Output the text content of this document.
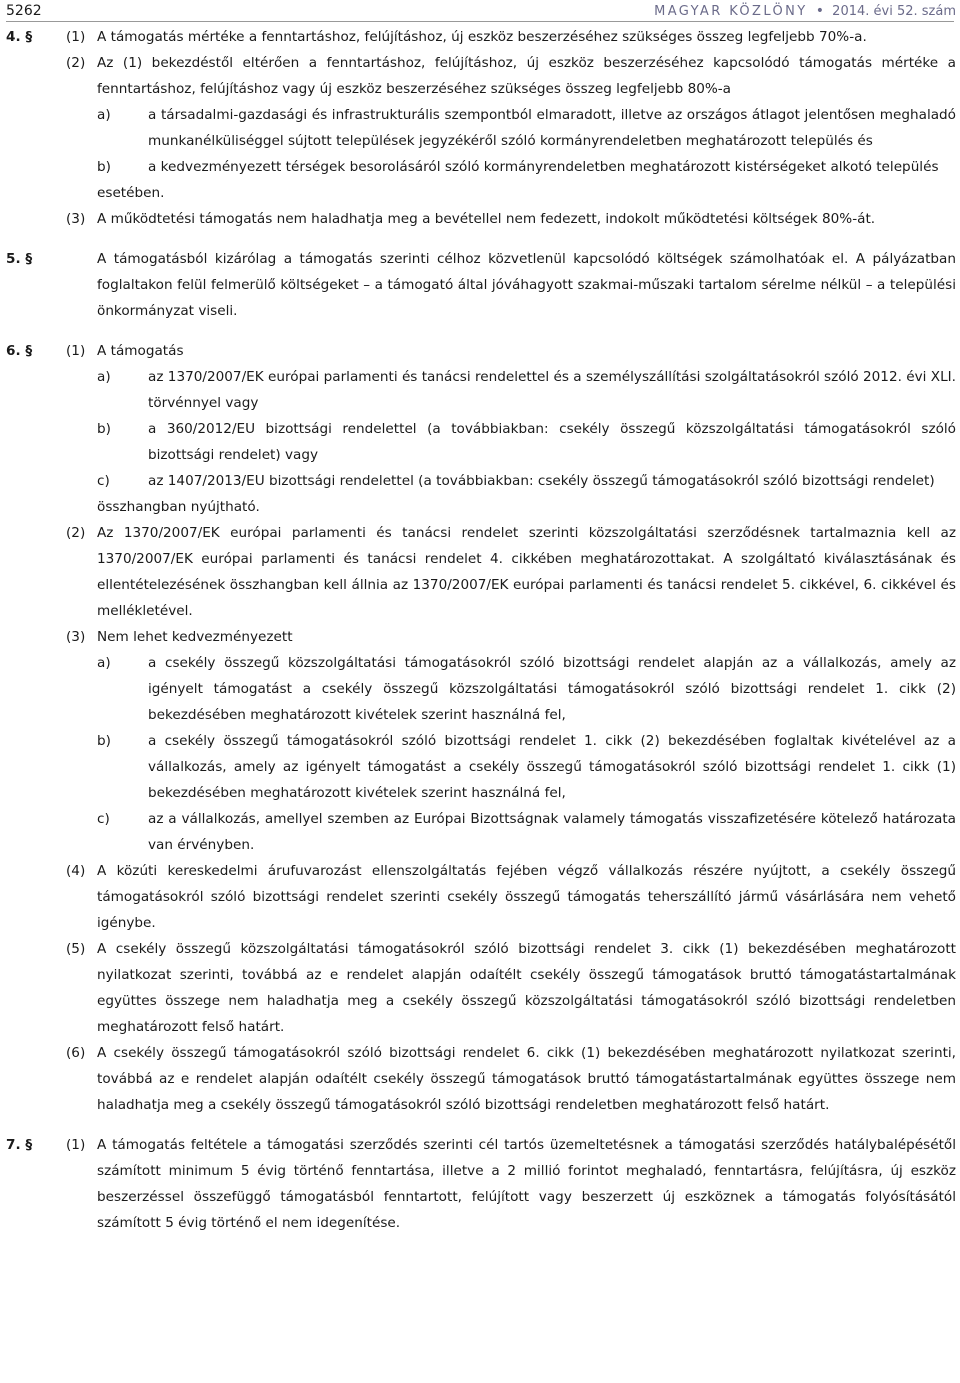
5262	MAGYAR KÖZLÖNY • 2014. évi 52. szám
4. § (1) A támogatás mértéke a fenntartáshoz, felújításhoz, új eszköz beszerzéséhez szükséges összeg legfeljebb 70%-a.
(2) Az (1) bekezdéstől eltérően a fenntartáshoz, felújításhoz, új eszköz beszerzéséhez kapcsolódó támogatás mértéke a fenntartáshoz, felújításhoz vagy új eszköz beszerzéséhez szükséges összeg legfeljebb 80%-a
a)	a társadalmi-gazdasági és infrastrukturális szempontból elmaradott, illetve az országos átlagot jelentősen meghaladó munkanélküliséggel sújtott települések jegyzékéről szóló kormányrendeletben meghatározott település és
b)	a kedvezményezett térségek besorolásáról szóló kormányrendeletben meghatározott kistérségeket alkotó település
esetében.
(3) A működtetési támogatás nem haladhatja meg a bevétellel nem fedezett, indokolt működtetési költségek 80%-át.
5. §	A támogatásból kizárólag a támogatás szerinti célhoz közvetlenül kapcsolódó költségek számolhatóak el. A pályázatban foglaltakon felül felmerülő költségeket – a támogató által jóváhagyott szakmai-műszaki tartalom sérelme nélkül – a települési önkormányzat viseli.
6. § (1) A támogatás
a)	az 1370/2007/EK európai parlamenti és tanácsi rendelettel és a személyszállítási szolgáltatásokról szóló 2012. évi XLI. törvénnyel vagy
b)	a 360/2012/EU bizottsági rendelettel (a továbbiakban: csekély összegű közszolgáltatási támogatásokról szóló bizottsági rendelet) vagy
c)	az 1407/2013/EU bizottsági rendelettel (a továbbiakban: csekély összegű támogatásokról szóló bizottsági rendelet)
összhangban nyújtható.
(2) Az 1370/2007/EK európai parlamenti és tanácsi rendelet szerinti közszolgáltatási szerződésnek tartalmaznia kell az 1370/2007/EK európai parlamenti és tanácsi rendelet 4. cikkében meghatározottakat. A szolgáltató kiválasztásának és ellentételezésének összhangban kell állnia az 1370/2007/EK európai parlamenti és tanácsi rendelet 5. cikkével, 6. cikkével és mellékletével.
(3) Nem lehet kedvezményezett
a)	a csekély összegű közszolgáltatási támogatásokról szóló bizottsági rendelet alapján az a vállalkozás, amely az igényelt támogatást a csekély összegű közszolgáltatási támogatásokról szóló bizottsági rendelet 1. cikk (2) bekezdésében meghatározott kivételek szerint használná fel,
b)	a csekély összegű támogatásokról szóló bizottsági rendelet 1. cikk (2) bekezdésében foglaltak kivételével az a vállalkozás, amely az igényelt támogatást a csekély összegű támogatásokról szóló bizottsági rendelet 1. cikk (1) bekezdésében meghatározott kivételek szerint használná fel,
c)	az a vállalkozás, amellyel szemben az Európai Bizottságnak valamely támogatás visszafizetésére kötelező határozata van érvényben.
(4) A közúti kereskedelmi árufuvarozást ellenszolgáltatás fejében végző vállalkozás részére nyújtott, a csekély összegű támogatásokról szóló bizottsági rendelet szerinti csekély összegű támogatás teherszállító jármű vásárlására nem vehető igénybe.
(5) A csekély összegű közszolgáltatási támogatásokról szóló bizottsági rendelet 3. cikk (1) bekezdésében meghatározott nyilatkozat szerinti, továbbá az e rendelet alapján odaítélt csekély összegű támogatások bruttó támogatástartalmának együttes összege nem haladhatja meg a csekély összegű közszolgáltatási támogatásokról szóló bizottsági rendeletben meghatározott felső határt.
(6) A csekély összegű támogatásokról szóló bizottsági rendelet 6. cikk (1) bekezdésében meghatározott nyilatkozat szerinti, továbbá az e rendelet alapján odaítélt csekély összegű támogatások bruttó támogatástartalmának együttes összege nem haladhatja meg a csekély összegű támogatásokról szóló bizottsági rendeletben meghatározott felső határt.
7. § (1) A támogatás feltétele a támogatási szerződés szerinti cél tartós üzemeltetésnek a támogatási szerződés hatálybalépésétől számított minimum 5 évig történő fenntartása, illetve a 2 millió forintot meghaladó, fenntartásra, felújításra, új eszköz beszerzéssel összefüggő támogatásból fenntartott, felújított vagy beszerzett új eszköznek a támogatás folyósításától számított 5 évig történő el nem idegenítése.
